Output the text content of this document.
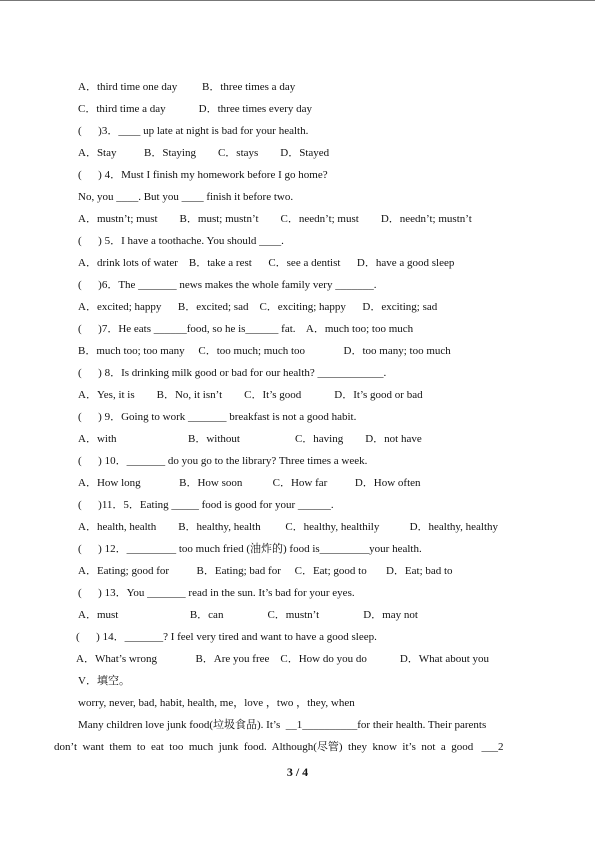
A．third time one day         B．three times a day
C．third time a day            D．three times every day
(      )3．____ up late at night is bad for your health.
A．Stay          B．Staying        C．stays        D．Stayed
(      ) 4．Must I finish my homework before I go home?
No, you ____. But you ____ finish it before two.
A．mustn’t; must        B．must; mustn’t        C．needn’t; must        D．needn’t; mustn’t
(      ) 5．I have a toothache. You should ____.
A．drink lots of water    B．take a rest      C．see a dentist      D．have a good sleep
(      )6．The _______ news makes the whole family very _______.
A．excited; happy      B．excited; sad    C．exciting; happy      D．exciting; sad
(      )7．He eats ______food, so he is______ fat.    A．much too; too much
B．much too; too many     C．too much; much too              D．too many; too much
(      ) 8．Is drinking milk good or bad for our health? ____________.
A．Yes, it is        B．No, it isn’t        C．It’s good            D．It’s good or bad
(      ) 9．Going to work _______ breakfast is not a good habit.
A．with                          B．without                    C．having        D．not have
(      ) 10．_______ do you go to the library? Three times a week.
A．How long              B．How soon           C．How far          D．How often
(      )11．5．Eating _____ food is good for your ______.
A．health, health        B．healthy, health         C．healthy, healthily           D．healthy, healthy
(      ) 12．_________ too much fried (油炸的) food is_________your health.
A．Eating; good for          B．Eating; bad for     C．Eat; good to       D．Eat; bad to
(      ) 13．You _______ read in the sun. It’s bad for your eyes.
A．must                          B．can                C．mustn’t                D．may not
(      ) 14．_______? I feel very tired and want to have a good sleep.
A．What’s wrong              B．Are you free    C．How do you do            D．What about you
V．填空。
worry, never, bad, habit, health, me，love ，two ，they, when
Many children love junk food(垃圾食品). It’s  __1__________for their health. Their parents
don’t  want  them  to  eat  too  much  junk  food.  Although(尽管)  they  know  it’s  not  a  good   ___2
3 / 4
